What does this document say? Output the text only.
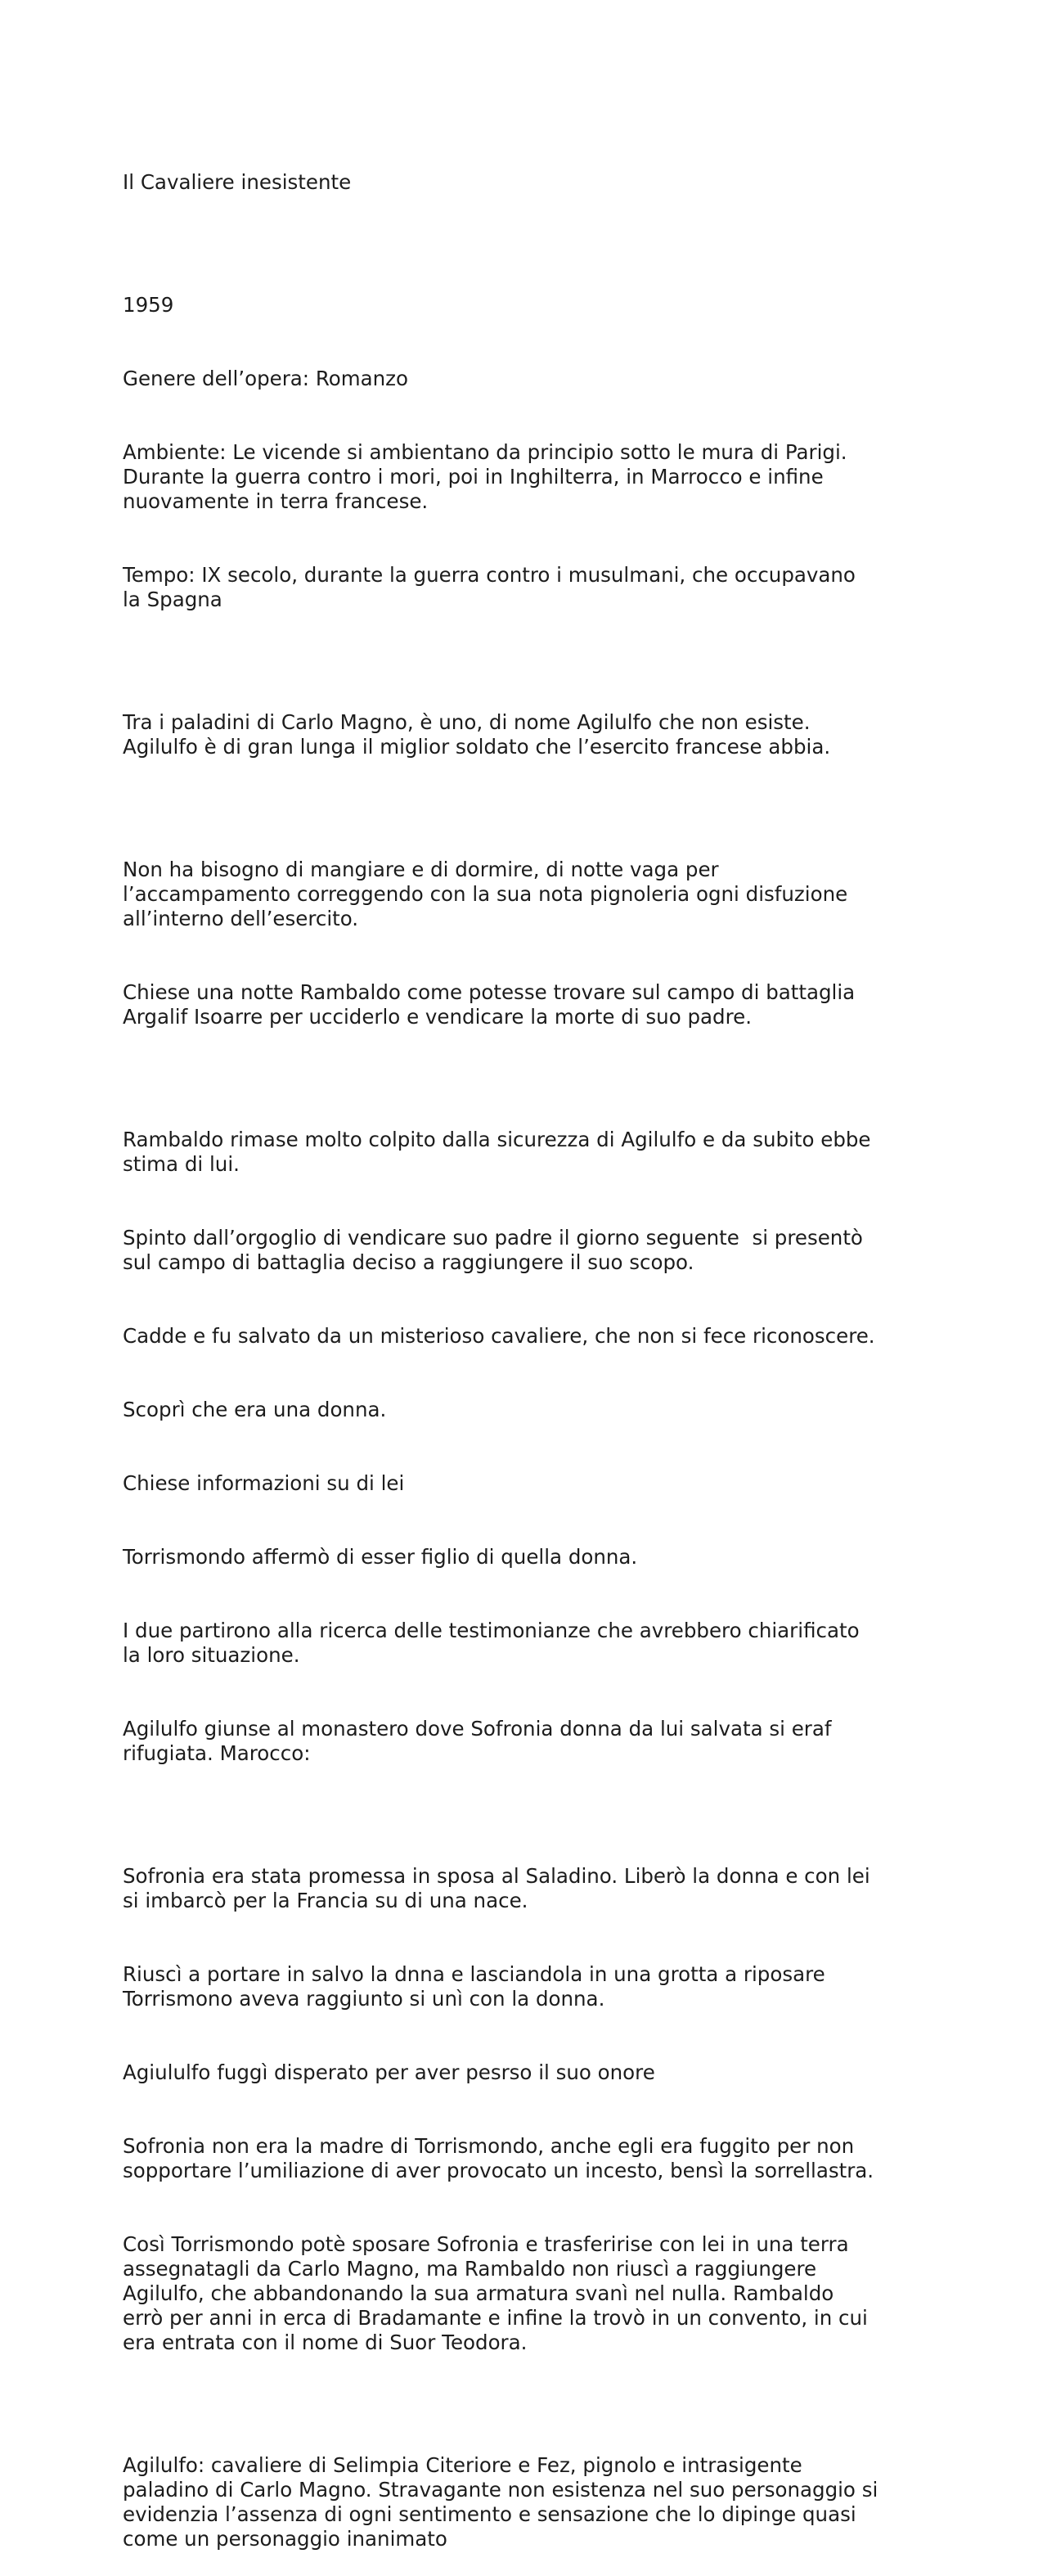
Il Cavaliere inesistente

1959

Genere dell’opera: Romanzo

Ambiente: Le vicende si ambientano da principio sotto le mura di Parigi.
Durante la guerra contro i mori, poi in Inghilterra, in Marrocco e infine
nuovamente in terra francese.

Tempo: IX secolo, durante la guerra contro i musulmani, che occupavano
la Spagna

Tra i paladini di Carlo Magno, è uno, di nome Agilulfo che non esiste.
Agilulfo è di gran lunga il miglior soldato che l’esercito francese abbia.

Non ha bisogno di mangiare e di dormire, di notte vaga per
l’accampamento correggendo con la sua nota pignoleria ogni disfuzione
all’interno dell’esercito.

Chiese una notte Rambaldo come potesse trovare sul campo di battaglia
Argalif Isoarre per ucciderlo e vendicare la morte di suo padre.

Rambaldo rimase molto colpito dalla sicurezza di Agilulfo e da subito ebbe
stima di lui.

Spinto dall’orgoglio di vendicare suo padre il giorno seguente  si presentò
sul campo di battaglia deciso a raggiungere il suo scopo.

Cadde e fu salvato da un misterioso cavaliere, che non si fece riconoscere.

Scoprì che era una donna.

Chiese informazioni su di lei

Torrismondo affermò di esser figlio di quella donna.

I due partirono alla ricerca delle testimonianze che avrebbero chiarificato
la loro situazione.

Agilulfo giunse al monastero dove Sofronia donna da lui salvata si eraf
rifugiata. Marocco:

Sofronia era stata promessa in sposa al Saladino. Liberò la donna e con lei
si imbarcò per la Francia su di una nace.

Riuscì a portare in salvo la dnna e lasciandola in una grotta a riposare
Torrismono aveva raggiunto si unì con la donna.

Agiululfo fuggì disperato per aver pesrso il suo onore

Sofronia non era la madre di Torrismondo, anche egli era fuggito per non
sopportare l’umiliazione di aver provocato un incesto, bensì la sorrellastra.

Così Torrismondo potè sposare Sofronia e trasferirise con lei in una terra
assegnatagli da Carlo Magno, ma Rambaldo non riuscì a raggiungere
Agilulfo, che abbandonando la sua armatura svanì nel nulla. Rambaldo
errò per anni in erca di Bradamante e infine la trovò in un convento, in cui
era entrata con il nome di Suor Teodora.

Agilulfo: cavaliere di Selimpia Citeriore e Fez, pignolo e intrasigente
paladino di Carlo Magno. Stravagante non esistenza nel suo personaggio si
evidenzia l’assenza di ogni sentimento e sensazione che lo dipinge quasi
come un personaggio inanimato
